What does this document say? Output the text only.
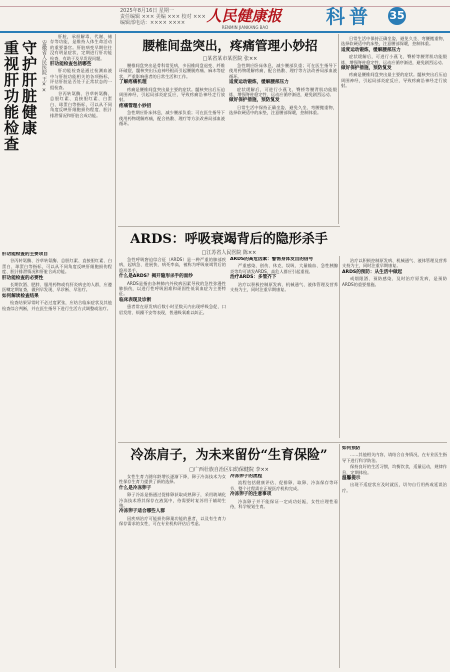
2025年8月16日 星期一
责任编辑 ××× 美编 ××× 校对 ×××
编辑部电话：×××× ××××	人民健康报
RENMIN JIANKANG BAO	科普	35
重视肝功能检查 守护肝脏健康 安徽省人民医院 王××

肝脏，承担解毒、代谢、储存等功能，是维持人体生命活动的重要器官。肝脏病变早期往往没有明显症状，定期进行肝功能检查，有助于及早发现问题。

肝功能检查包括哪些

肝功能检查是通过检测血液中与肝脏功能相关的各项指标，评估肝脏是否处于正常状态的一组检查。

谷丙转氨酶、谷草转氨酶、总胆红素、直接胆红素、白蛋白、球蛋白等指标，可以从不同角度反映肝细胞损伤程度、胆汁排泄情况和肝脏合成功能。

肝功能检查的主要项目

谷丙转氨酶、谷草转氨酶、总胆红素、直接胆红素、白蛋白、球蛋白等指标，可以从不同角度反映肝细胞损伤程度、胆汁排泄情况和肝脏合成功能。

肝功能检查的必要性

长期饮酒、肥胖、服用药物或有肝炎病史的人群，应遵医嘱定期复查，做到早发现、早诊断、早治疗。

如何解读检查结果

检查结果异常时不必过度紧张，应结合临床症状及其他检查综合判断，并在医生指导下进行生活方式调整或治疗。

腰椎间盘突出，疼痛管理小妙招
□某省某市某医院 张××

腰椎间盘突出是骨科常见病，多因椎间盘退变、纤维环破裂，髓核突出压迫神经根而引起腰腿疼痛、麻木等症状，严重影响患者的日常生活和工作。

了解疼痛机理

疼痛是腰椎间盘突出最主要的症状。髓核突出后压迫周围神经，引起局部炎症反应，导致疼痛沿神经走行放射。

疼痛管理小妙招

急性期应卧床休息，减少腰部负重；可在医生指导下使用药物缓解疼痛，配合热敷、理疗等方法改善局部血液循环。

急性期应卧床休息，减少腰部负重；可在医生指导下使用药物缓解疼痛，配合热敷、理疗等方法改善局部血液循环。

适度运动锻炼，缓解腰部压力

症状缓解后，可进行小燕飞、臀桥等腰背肌功能锻炼，增强脊柱稳定性，运动应循序渐进，避免剧烈运动。

做好保护措施，预防复发

日常生活中保持正确坐姿，避免久坐、弯腰搬重物，选择软硬适中的床垫，注意腰部保暖，控制体重。

日常生活中保持正确坐姿，避免久坐、弯腰搬重物，选择软硬适中的床垫，注意腰部保暖，控制体重。

适度运动锻炼，缓解腰部压力

症状缓解后，可进行小燕飞、臀桥等腰背肌功能锻炼，增强脊柱稳定性，运动应循序渐进，避免剧烈运动。

做好保护措施，预防复发

疼痛是腰椎间盘突出最主要的症状。髓核突出后压迫周围神经，引起局部炎症反应，导致疼痛沿神经走行放射。

ARDS：呼吸衰竭背后的隐形杀手
□江苏省人民医院 陈××

急性呼吸窘迫综合征（ARDS）是一种严重的肺部疾病，起病急、进展快、病死率高，被称为呼吸衰竭背后的隐形杀手。

什么是ARDS？揭开隐形杀手的面纱

ARDS是指由各种肺内外致病因素导致的急性弥漫性肺损伤，以进行性呼吸困难和顽固性低氧血症为主要特征。

临床表现及诊断

患者常在原发病后数小时至数天内出现呼吸急促、口唇发绀、烦躁不安等表现，普通吸氧难以纠正。

ARDS的高危因素：警惕身体发出的信号

严重感染、创伤、休克、误吸、大量输血、急性胰腺炎等均可诱发ARDS，高危人群应引起重视。

治疗ARDS：多管齐下

治疗以积极控制原发病、机械通气、液体管理及营养支持为主，同时注重早期康复。

治疗以积极控制原发病、机械通气、液体管理及营养支持为主，同时注重早期康复。

ARDS的预防：从生活中做起

戒烟限酒、预防感染、及时治疗原发病，是预防ARDS的重要措施。

冷冻肩子，为未来留份“生育保险”
□广西壮族自治区妇幼保健院 李××

女性生育力随年龄增长逐渐下降，卵子冷冻技术为女性保存生育力提供了新的选择。

什么是冷冻卵子

卵子冷冻是指通过促排卵获取成熟卵子，采用玻璃化冷冻技术将其保存在液氮中，待需要时复苏用于辅助生殖。

冷冻卵子适合哪些人群

因疾病治疗可能损伤卵巢功能的患者，以及有生育力保存需求的女性，可在专业机构评估后考虑。

冷冻卵子的流程

流程包括健康评估、促排卵、取卵、冷冻保存等环节，整个过程需在正规医疗机构完成。

冷冻卵子的注意事项

冷冻卵子并不能保证一定成功妊娠，女性应理性看待，科学规划生育。

如何预防

……其他相关内容，请结合自身情况，在专业医生指导下进行科学防治。

保持良好的生活习惯，均衡饮食，适量运动，规律作息，定期体检。

温馨提示

出现不适症状应及时就医，切勿自行用药或延误治疗。
